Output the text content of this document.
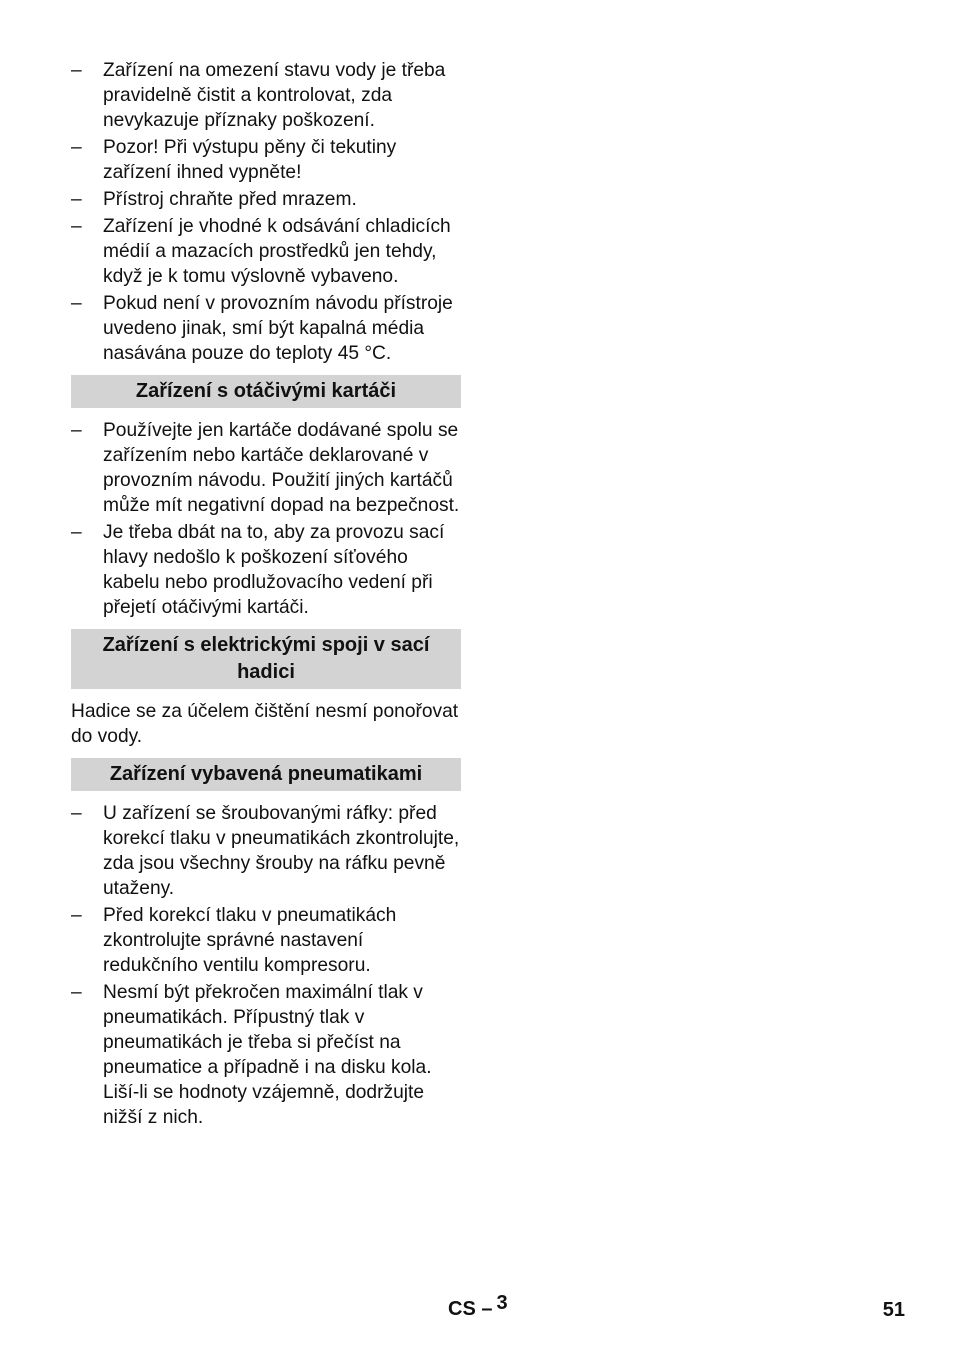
– Zařízení na omezení stavu vody je třeba pravidelně čistit a kontrolovat, zda nevykazuje příznaky poškození.
– Pozor! Při výstupu pěny či tekutiny zařízení ihned vypněte!
– Přístroj chraňte před mrazem.
– Zařízení je vhodné k odsávání chladicích médií a mazacích prostředků jen tehdy, když je k tomu výslovně vybaveno.
– Pokud není v provozním návodu přístroje uvedeno jinak, smí být kapalná média nasávána pouze do teploty 45 °C.
Zařízení s otáčivými kartáči
– Používejte jen kartáče dodávané spolu se zařízením nebo kartáče deklarované v provozním návodu. Použití jiných kartáčů může mít negativní dopad na bezpečnost.
– Je třeba dbát na to, aby za provozu sací hlavy nedošlo k poškození síťového kabelu nebo prodlužovacího vedení při přejetí otáčivými kartáči.
Zařízení s elektrickými spoji v sací hadici

Hadice se za účelem čištění nesmí ponořovat do vody.

Zařízení vybavená pneumatikami
– U zařízení se šroubovanými ráfky: před korekcí tlaku v pneumatikách zkontrolujte, zda jsou všechny šrouby na ráfku pevně utaženy.
– Před korekcí tlaku v pneumatikách zkontrolujte správné nastavení redukčního ventilu kompresoru.
– Nesmí být překročen maximální tlak v pneumatikách. Přípustný tlak v pneumatikách je třeba si přečíst na pneumatice a případně i na disku kola. Liší-li se hodnoty vzájemně, dodržujte nižší z nich.
CS – 3	51
